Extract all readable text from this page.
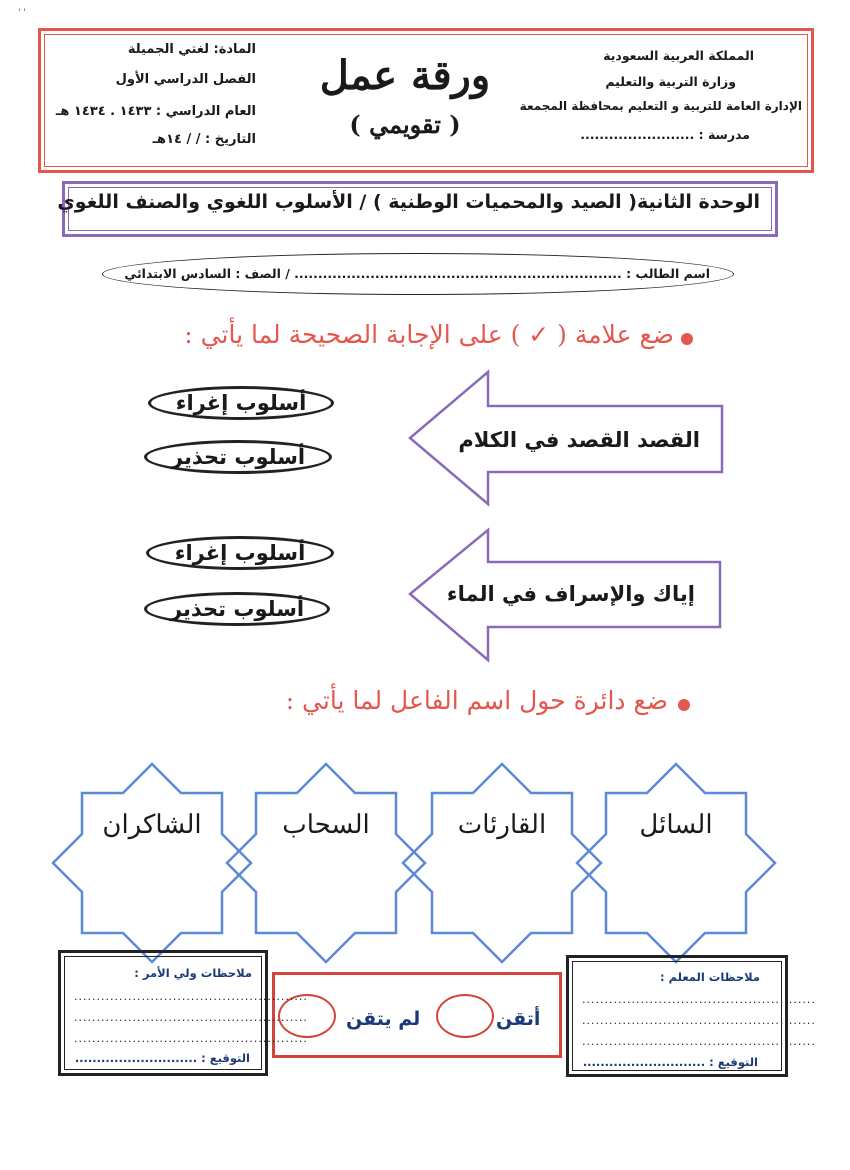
' '
المملكة العربية السعودية
وزارة التربية والتعليم
الإدارة العامة للتربية و التعليم بمحافظة المجمعة
مدرسة : ........................
ورقة عمل
( تقويمي )
المادة: لغتي الجميلة
الفصل الدراسي الأول
العام الدراسي : ١٤٣٣ . ١٤٣٤ هـ
التاريخ : / / ١٤هـ
الوحدة الثانية( الصيد والمحميات الوطنية ) / الأسلوب اللغوي والصنف اللغوي
اسم الطالب : ..................................................................... / الصف : السادس الابتدائي
ضع علامة ( ✓ ) على الإجابة الصحيحة لما يأتي :
القصد القصد في الكلام
إياك والإسراف في الماء
أسلوب إغراء
أسلوب تحذير
أسلوب إغراء
أسلوب تحذير
ضع دائرة حول اسم الفاعل لما يأتي :
السائل
القارئات
السحاب
الشاكران
ملاحظات المعلم :
....................................................
....................................................
....................................................
التوقيع : ............................
أتقن
لم يتقن
ملاحظات ولي الأمر :
....................................................
....................................................
....................................................
التوقيع : ............................
